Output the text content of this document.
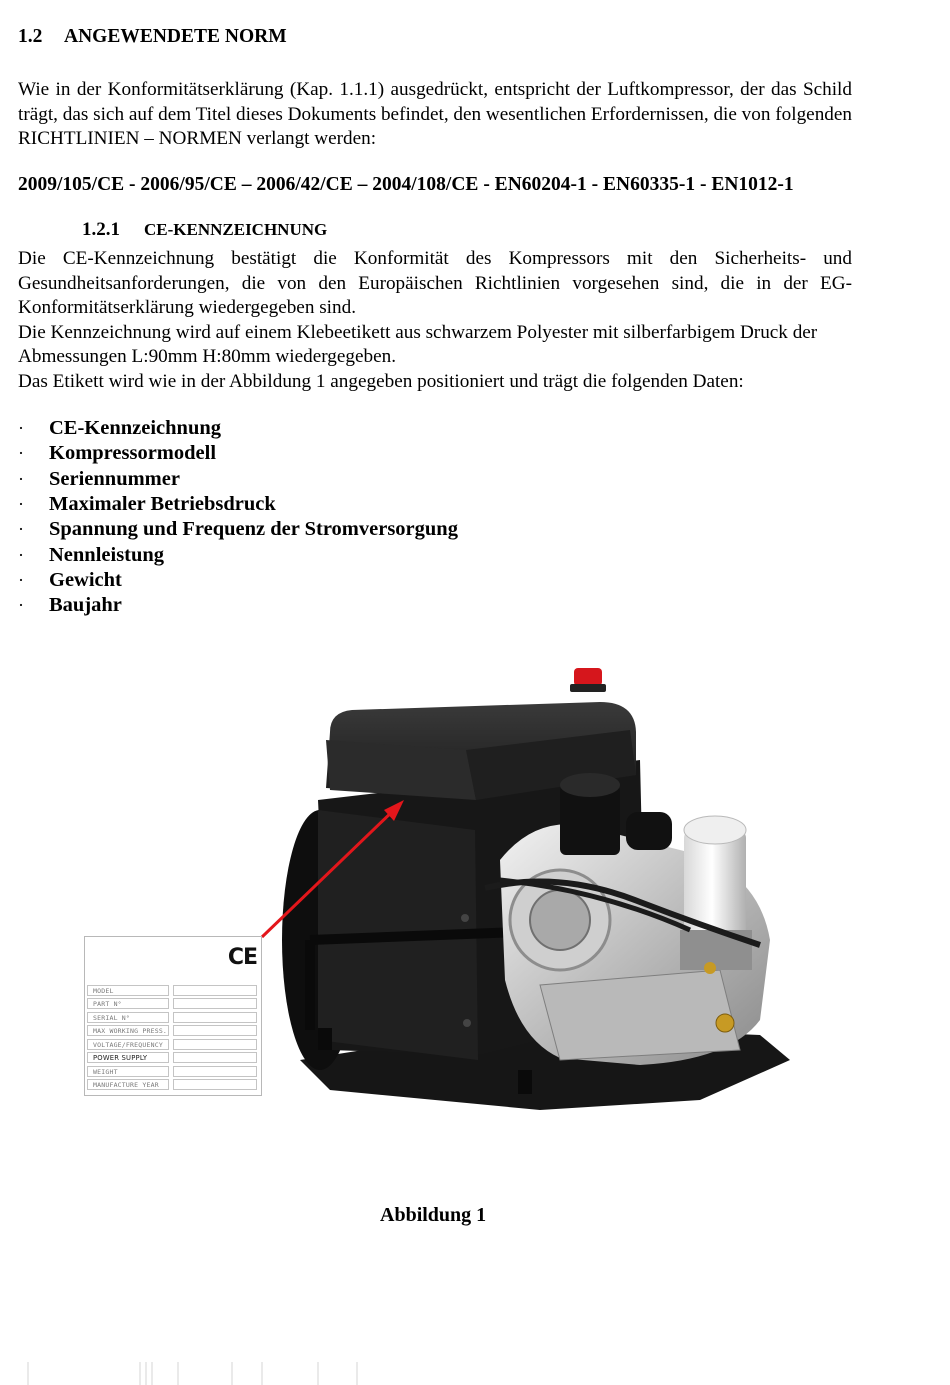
1.2 ANGEWENDETE NORM
Wie in der Konformitätserklärung (Kap. 1.1.1) ausgedrückt, entspricht der Luftkompressor, der das Schild trägt, das sich auf dem Titel dieses Dokuments befindet, den wesentlichen Erfordernissen, die von folgenden RICHTLINIEN – NORMEN verlangt werden:
2009/105/CE - 2006/95/CE – 2006/42/CE – 2004/108/CE - EN60204-1 - EN60335-1 - EN1012-1
1.2.1 CE-KENNZEICHNUNG
Die CE-Kennzeichnung bestätigt die Konformität des Kompressors mit den Sicherheits- und Gesundheitsanforderungen, die von den Europäischen Richtlinien vorgesehen sind, die in der EG-Konformitätserklärung wiedergegeben sind.
Die Kennzeichnung wird auf einem Klebeetikett aus schwarzem Polyester mit silberfarbigem Druck der Abmessungen L:90mm H:80mm wiedergegeben.
Das Etikett wird wie in der Abbildung 1 angegeben positioniert und trägt die folgenden Daten:
·	CE-Kennzeichnung
·	Kompressormodell
·	Seriennummer
·	Maximaler Betriebsdruck
·	Spannung und Frequenz der Stromversorgung
·	Nennleistung
·	Gewicht
·	Baujahr
CE
MODEL
PART N°
SERIAL N°
MAX WORKING PRESS.
VOLTAGE/FREQUENCY
POWER SUPPLY
WEIGHT
MANUFACTURE YEAR
Abbildung 1
